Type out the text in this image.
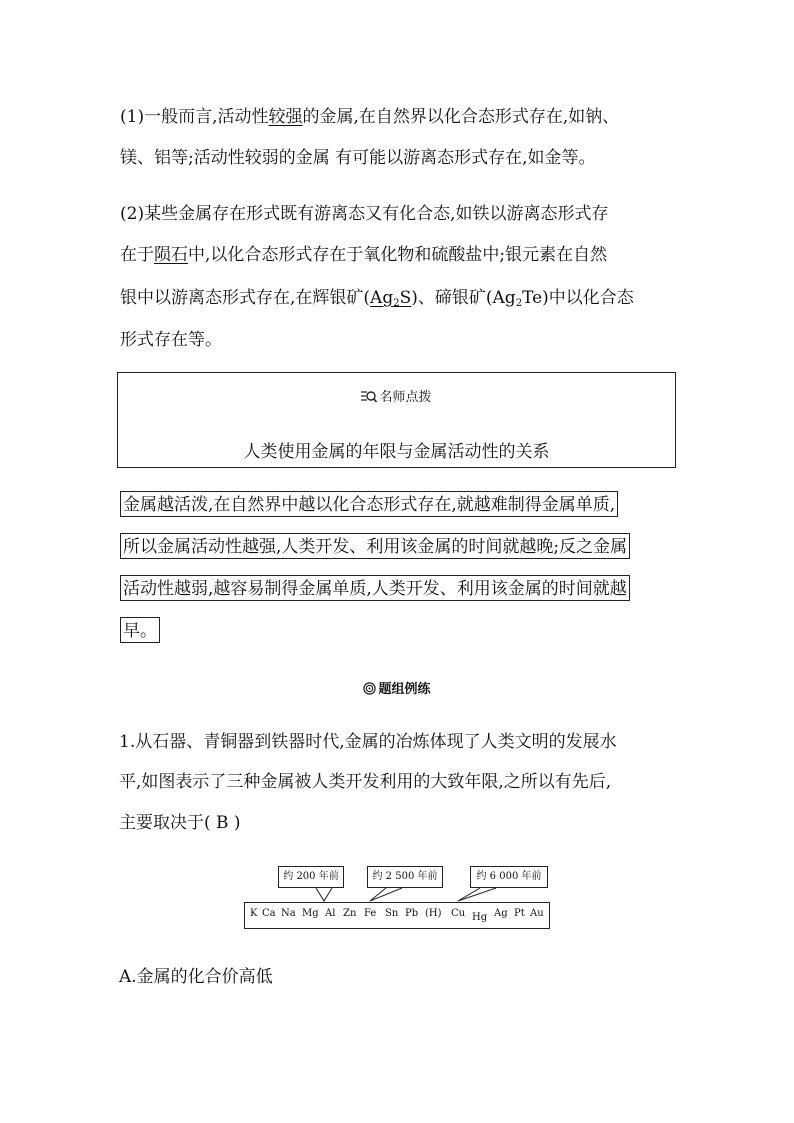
(1)一般而言,活动性较强的金属,在自然界以化合态形式存在,如钠、
镁、铝等;活动性较弱的金属 有可能以游离态形式存在,如金等。
(2)某些金属存在形式既有游离态又有化合态,如铁以游离态形式存
在于陨石中,以化合态形式存在于氧化物和硫酸盐中;银元素在自然
银中以游离态形式存在,在辉银矿$(Ag_2S)$、碲银矿$(Ag_2Te)$中以化合态
形式存在等。
名师点拨
人类使用金属的年限与金属活动性的关系
金属越活泼,在自然界中越以化合态形式存在,就越难制得金属单质,
所以金属活动性越强,人类开发、利用该金属的时间就越晚;反之金属
活动性越弱,越容易制得金属单质,人类开发、利用该金属的时间就越
早。
题组例练
1.从石器、青铜器到铁器时代,金属的冶炼体现了人类文明的发展水
平,如图表示了三种金属被人类开发利用的大致年限,之所以有先后,
主要取决于( B )
约 200 年前	约 2 500 年前	约 6 000 年前
K Ca Na Mg Al Zn Fe Sn Pb (H) Cu Hg Ag Pt Au
A.金属的化合价高低
